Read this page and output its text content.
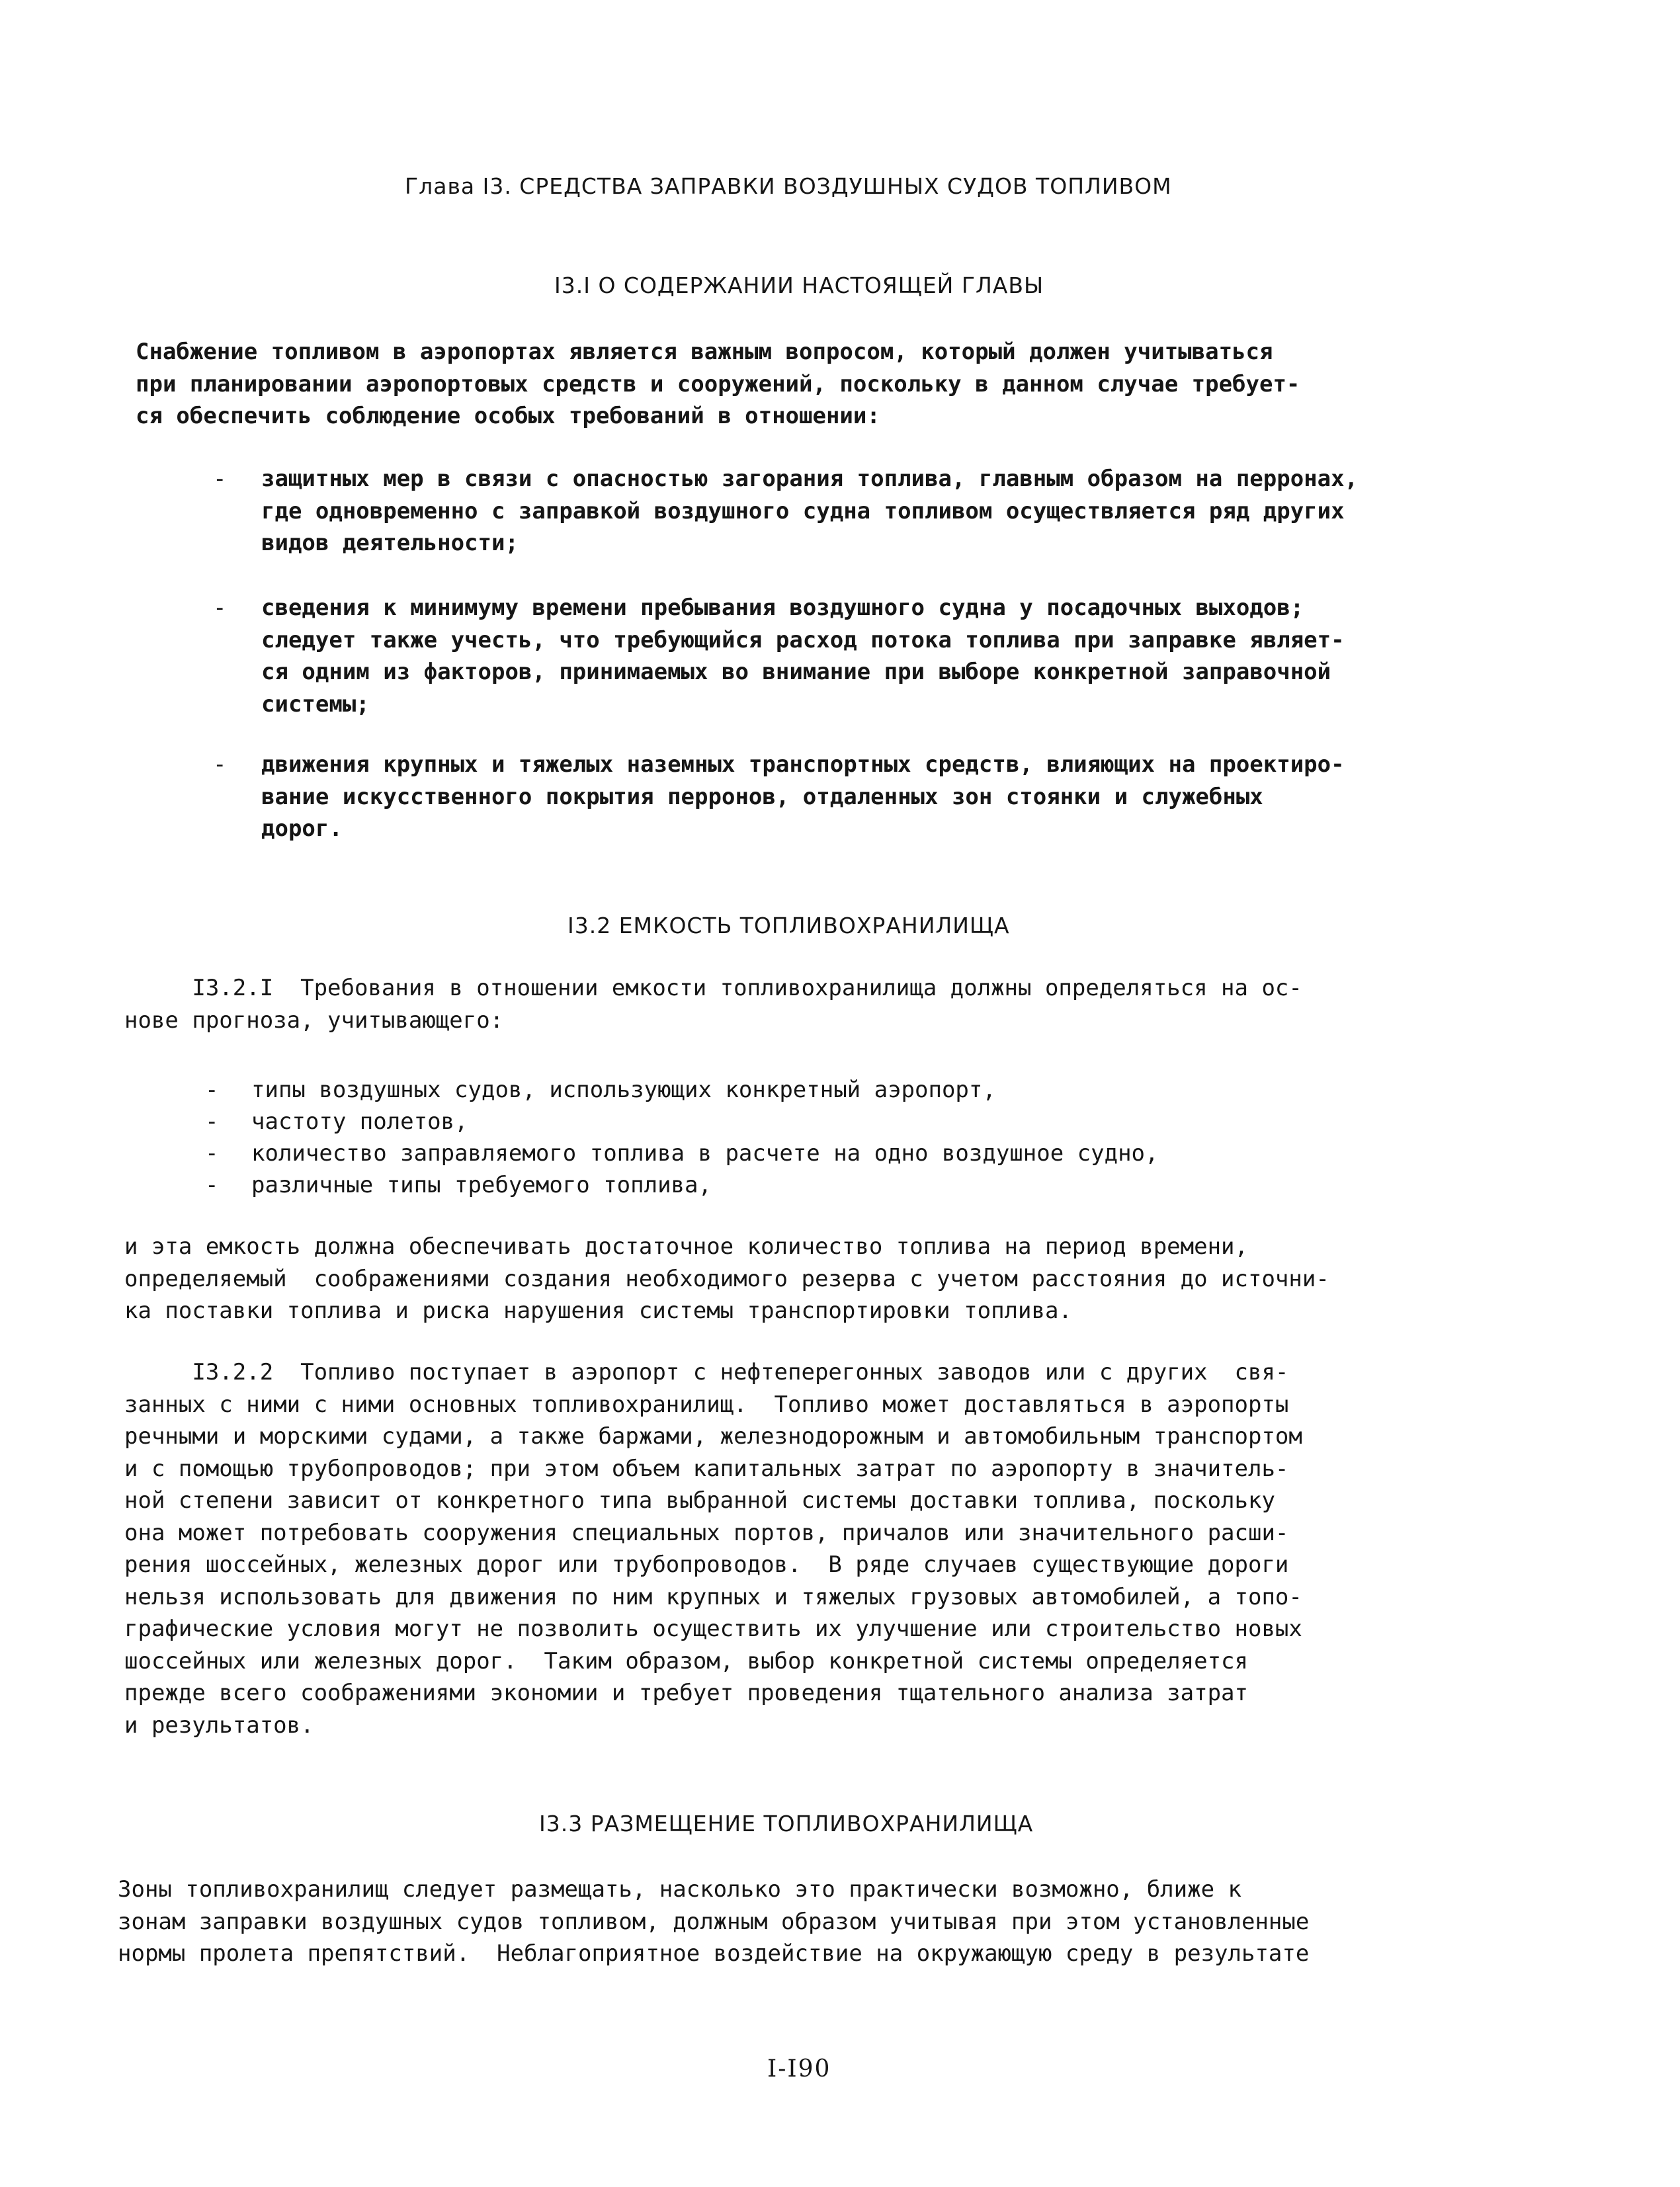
Глава I3. СРЕДСТВА ЗАПРАВКИ ВОЗДУШНЫХ СУДОВ ТОПЛИВОМ
I3.I О СОДЕРЖАНИИ НАСТОЯЩЕЙ ГЛАВЫ
Снабжение топливом в аэропортах является важным вопросом, который должен учитываться
при планировании аэропортовых средств и сооружений, поскольку в данном случае требует-
ся обеспечить соблюдение особых требований в отношении:
- защитных мер в связи с опасностью загорания топлива, главным образом на перронах,
где одновременно с заправкой воздушного судна топливом осуществляется ряд других
видов деятельности;
- сведения к минимуму времени пребывания воздушного судна у посадочных выходов;
следует также учесть, что требующийся расход потока топлива при заправке являет-
ся одним из факторов, принимаемых во внимание при выборе конкретной заправочной
системы;
- движения крупных и тяжелых наземных транспортных средств, влияющих на проектиро-
вание искусственного покрытия перронов, отдаленных зон стоянки и служебных
дорог.
I3.2 ЕМКОСТЬ ТОПЛИВОХРАНИЛИЩА
I3.2.I  Требования в отношении емкости топливохранилища должны определяться на ос-
нове прогноза, учитывающего:
- типы воздушных судов, использующих конкретный аэропорт,
- частоту полетов,
- количество заправляемого топлива в расчете на одно воздушное судно,
- различные типы требуемого топлива,
и эта емкость должна обеспечивать достаточное количество топлива на период времени,
определяемый  соображениями создания необходимого резерва с учетом расстояния до источни-
ка поставки топлива и риска нарушения системы транспортировки топлива.
I3.2.2  Топливо поступает в аэропорт с нефтеперегонных заводов или с других  свя-
занных с ними с ними основных топливохранилищ.  Топливо может доставляться в аэропорты
речными и морскими судами, а также баржами, железнодорожным и автомобильным транспортом
и с помощью трубопроводов; при этом объем капитальных затрат по аэропорту в значитель-
ной степени зависит от конкретного типа выбранной системы доставки топлива, поскольку
она может потребовать сооружения специальных портов, причалов или значительного расши-
рения шоссейных, железных дорог или трубопроводов.  В ряде случаев существующие дороги
нельзя использовать для движения по ним крупных и тяжелых грузовых автомобилей, а топо-
графические условия могут не позволить осуществить их улучшение или строительство новых
шоссейных или железных дорог.  Таким образом, выбор конкретной системы определяется
прежде всего соображениями экономии и требует проведения тщательного анализа затрат
и результатов.
I3.3 РАЗМЕЩЕНИЕ ТОПЛИВОХРАНИЛИЩА
Зоны топливохранилищ следует размещать, насколько это практически возможно, ближе к
зонам заправки воздушных судов топливом, должным образом учитывая при этом установленные
нормы пролета препятствий.  Неблагоприятное воздействие на окружающую среду в результате
I-I90
